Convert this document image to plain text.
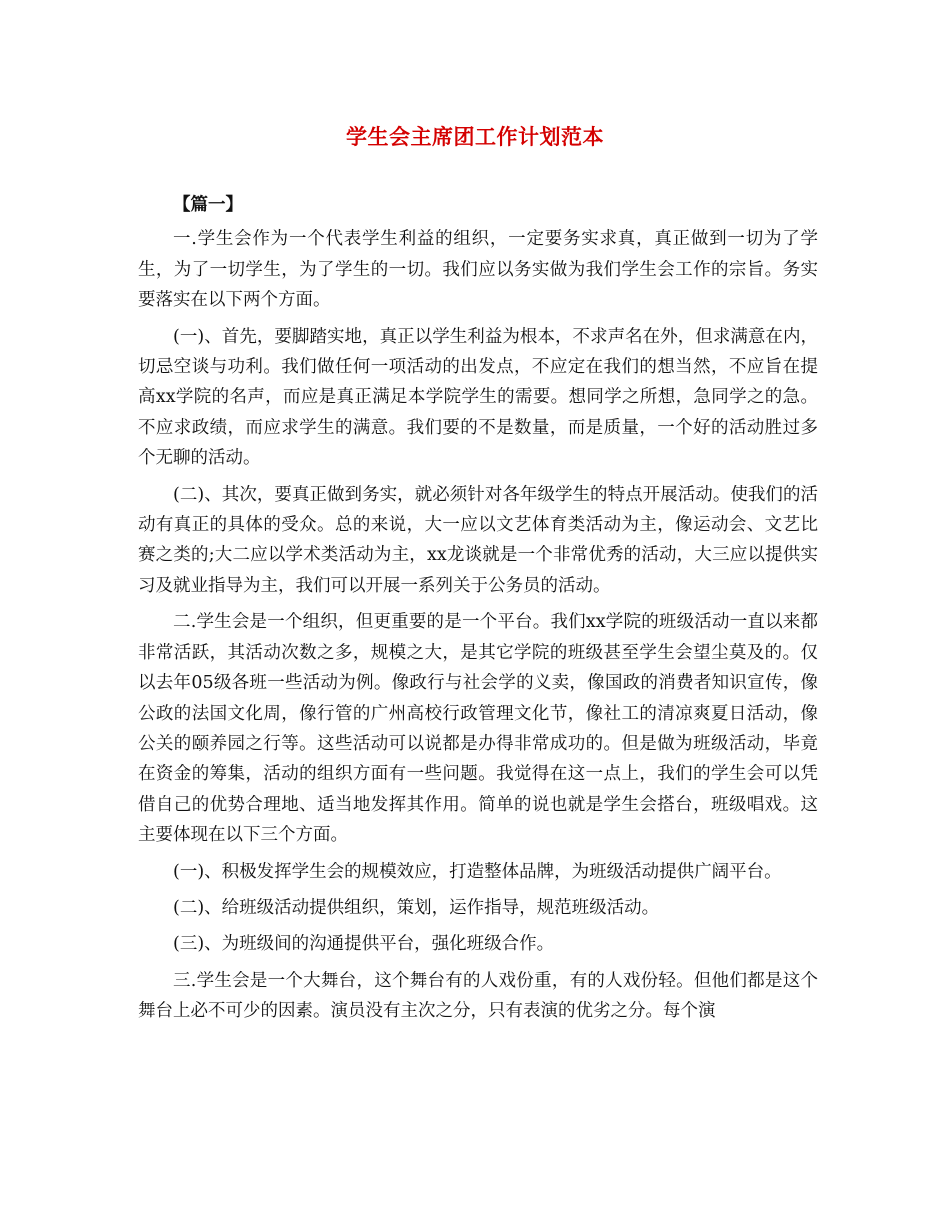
学生会主席团工作计划范本

【篇一】

一.学生会作为一个代表学生利益的组织，一定要务实求真，真正做到一切为了学生，为了一切学生，为了学生的一切。我们应以务实做为我们学生会工作的宗旨。务实要落实在以下两个方面。

(一)、首先，要脚踏实地，真正以学生利益为根本，不求声名在外，但求满意在内，切忌空谈与功利。我们做任何一项活动的出发点，不应定在我们的想当然，不应旨在提高xx学院的名声，而应是真正满足本学院学生的需要。想同学之所想，急同学之的急。不应求政绩，而应求学生的满意。我们要的不是数量，而是质量，一个好的活动胜过多个无聊的活动。

(二)、其次，要真正做到务实，就必须针对各年级学生的特点开展活动。使我们的活动有真正的具体的受众。总的来说，大一应以文艺体育类活动为主，像运动会、文艺比赛之类的;大二应以学术类活动为主，xx龙谈就是一个非常优秀的活动，大三应以提供实习及就业指导为主，我们可以开展一系列关于公务员的活动。

二.学生会是一个组织，但更重要的是一个平台。我们xx学院的班级活动一直以来都非常活跃，其活动次数之多，规模之大，是其它学院的班级甚至学生会望尘莫及的。仅以去年05级各班一些活动为例。像政行与社会学的义卖，像国政的消费者知识宣传，像公政的法国文化周，像行管的广州高校行政管理文化节，像社工的清凉爽夏日活动，像公关的颐养园之行等。这些活动可以说都是办得非常成功的。但是做为班级活动，毕竟在资金的筹集，活动的组织方面有一些问题。我觉得在这一点上，我们的学生会可以凭借自己的优势合理地、适当地发挥其作用。简单的说也就是学生会搭台，班级唱戏。这主要体现在以下三个方面。

(一)、积极发挥学生会的规模效应，打造整体品牌，为班级活动提供广阔平台。

(二)、给班级活动提供组织，策划，运作指导，规范班级活动。

(三)、为班级间的沟通提供平台，强化班级合作。

三.学生会是一个大舞台，这个舞台有的人戏份重，有的人戏份轻。但他们都是这个舞台上必不可少的因素。演员没有主次之分，只有表演的优劣之分。每个演
